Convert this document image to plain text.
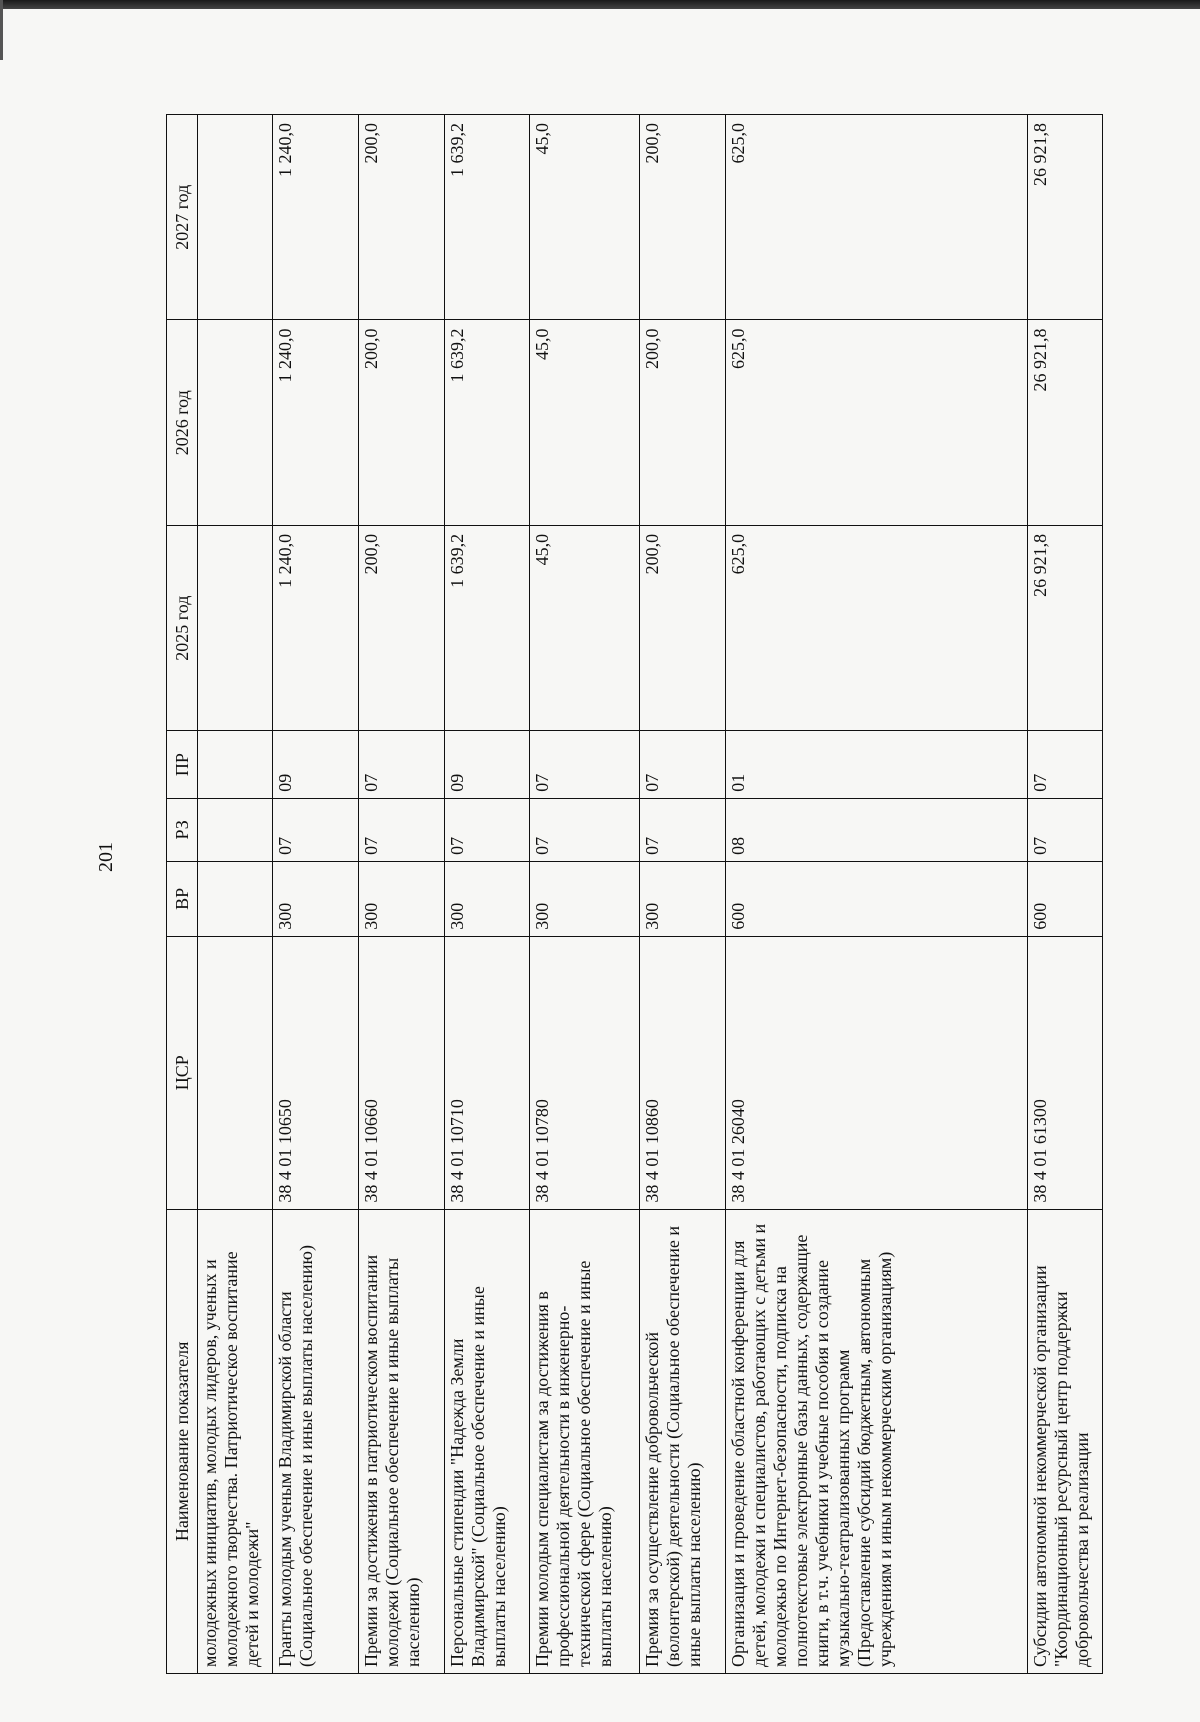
201
Наименование показателя	ЦСР	ВР	РЗ	ПР	2025 год	2026 год	2027 год
молодежных инициатив, молодых лидеров, ученых и молодежного творчества. Патриотическое воспитание детей и молодежи"							
Гранты молодым ученым Владимирской области (Социальное обеспечение и иные выплаты населению)	38 4 01 10650	300	07	09	1 240,0	1 240,0	1 240,0
Премии за достижения в патриотическом воспитании молодежи (Социальное обеспечение и иные выплаты населению)	38 4 01 10660	300	07	07	200,0	200,0	200,0
Персональные стипендии "Надежда Земли Владимирской" (Социальное обеспечение и иные выплаты населению)	38 4 01 10710	300	07	09	1 639,2	1 639,2	1 639,2
Премии молодым специалистам за достижения в профессиональной деятельности в инженерно-технической сфере (Социальное обеспечение и иные выплаты населению)	38 4 01 10780	300	07	07	45,0	45,0	45,0
Премия за осуществление добровольческой (волонтерской) деятельности (Социальное обеспечение и иные выплаты населению)	38 4 01 10860	300	07	07	200,0	200,0	200,0
Организация и проведение областной конференции для детей, молодежи и специалистов, работающих с детьми и молодежью по Интернет-безопасности, подписка на полнотекстовые электронные базы данных, содержащие книги, в т.ч. учебники и учебные пособия и создание музыкально-театрализованных программ (Предоставление субсидий бюджетным, автономным учреждениям и иным некоммерческим организациям)	38 4 01 26040	600	08	01	625,0	625,0	625,0
Субсидии автономной некоммерческой организации "Координационный ресурсный центр поддержки добровольчества и реализации	38 4 01 61300	600	07	07	26 921,8	26 921,8	26 921,8
